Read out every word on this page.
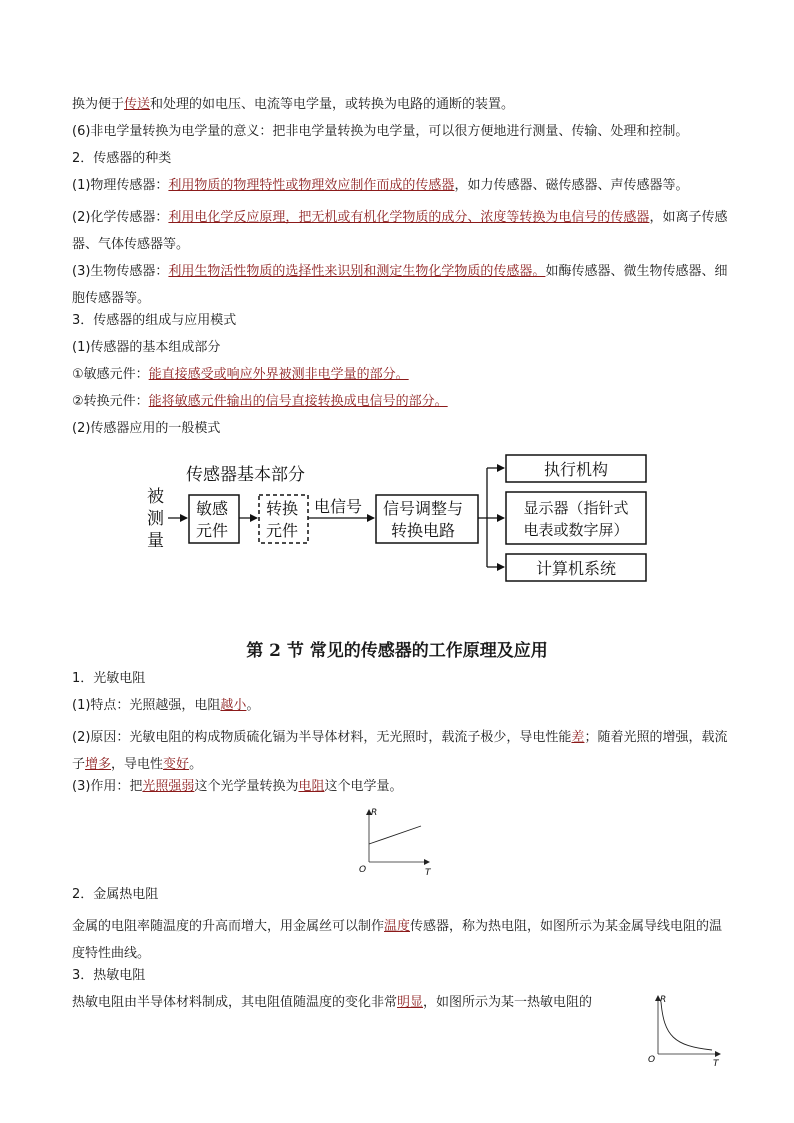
换为便于传送和处理的如电压、电流等电学量，或转换为电路的通断的装置。

(6)非电学量转换为电学量的意义：把非电学量转换为电学量，可以很方便地进行测量、传输、处理和控制。

2．传感器的种类

(1)物理传感器：利用物质的物理特性或物理效应制作而成的传感器，如力传感器、磁传感器、声传感器等。

(2)化学传感器：利用电化学反应原理，把无机或有机化学物质的成分、浓度等转换为电信号的传感器，如离子传感器、气体传感器等。

(3)生物传感器：利用生物活性物质的选择性来识别和测定生物化学物质的传感器。如酶传感器、微生物传感器、细胞传感器等。

3．传感器的组成与应用模式

(1)传感器的基本组成部分

①敏感元件：能直接感受或响应外界被测非电学量的部分。

②转换元件：能将敏感元件输出的信号直接转换成电信号的部分。

(2)传感器应用的一般模式

传感器基本部分
被
测
量
敏感
元件
转换
元件
电信号 信号调整与
转换电路
执行机构
显示器（指针式
电表或数字屏）
计算机系统
第 2 节 常见的传感器的工作原理及应用

1．光敏电阻

(1)特点：光照越强，电阻越小。

(2)原因：光敏电阻的构成物质硫化镉为半导体材料，无光照时，载流子极少，导电性能差；随着光照的增强，载流子增多，导电性变好。

(3)作用：把光照强弱这个光学量转换为电阻这个电学量。

R
T
O

2．金属热电阻

金属的电阻率随温度的升高而增大，用金属丝可以制作温度传感器，称为热电阻，如图所示为某金属导线电阻的温度特性曲线。

3．热敏电阻

热敏电阻由半导体材料制成，其电阻值随温度的变化非常明显，如图所示为某一热敏电阻的	R
T
O
